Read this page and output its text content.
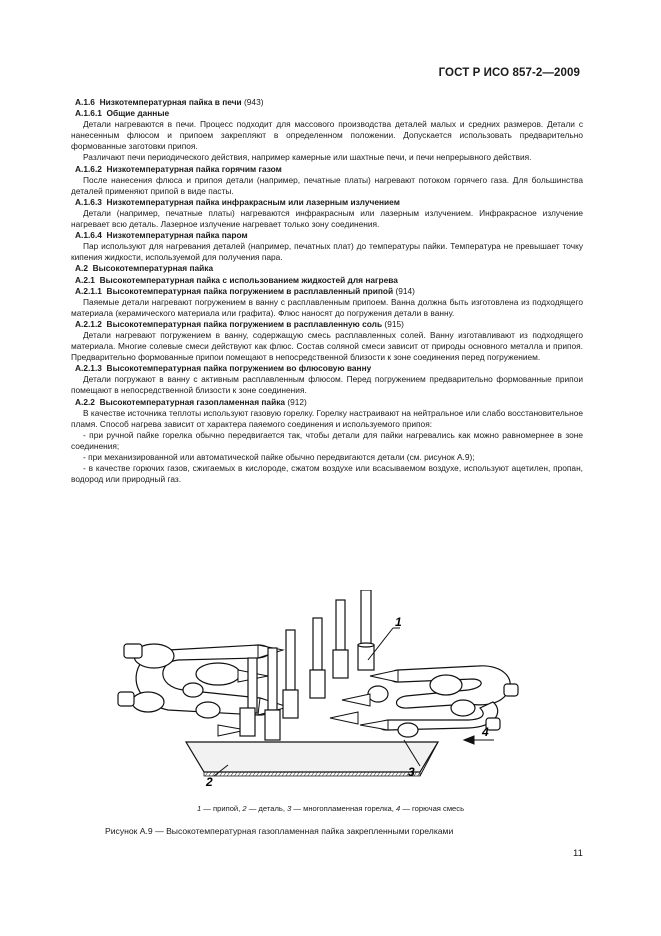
ГОСТ Р ИСО 857-2—2009

А.1.6 Низкотемпературная пайка в печи (943)

А.1.6.1 Общие данные

Детали нагреваются в печи. Процесс подходит для массового производства деталей малых и средних размеров. Детали с нанесенным флюсом и припоем закрепляют в определенном положении. Допускается использовать предварительно формованные заготовки припоя.

Различают печи периодического действия, например камерные или шахтные печи, и печи непрерывного действия.

А.1.6.2 Низкотемпературная пайка горячим газом

После нанесения флюса и припоя детали (например, печатные платы) нагревают потоком горячего газа. Для большинства деталей применяют припой в виде пасты.

А.1.6.3 Низкотемпературная пайка инфракрасным или лазерным излучением

Детали (например, печатные платы) нагреваются инфракрасным или лазерным излучением. Инфракрасное излучение нагревает всю деталь. Лазерное излучение нагревает только зону соединения.

А.1.6.4 Низкотемпературная пайка паром

Пар используют для нагревания деталей (например, печатных плат) до температуры пайки. Температура не превышает точку кипения жидкости, используемой для получения пара.

А.2 Высокотемпературная пайка

А.2.1 Высокотемпературная пайка с использованием жидкостей для нагрева

А.2.1.1 Высокотемпературная пайка погружением в расплавленный припой (914)

Паяемые детали нагревают погружением в ванну с расплавленным припоем. Ванна должна быть изготовлена из подходящего материала (керамического материала или графита). Флюс наносят до погружения детали в ванну.

А.2.1.2 Высокотемпературная пайка погружением в расплавленную соль (915)

Детали нагревают погружением в ванну, содержащую смесь расплавленных солей. Ванну изготавливают из подходящего материала. Многие солевые смеси действуют как флюс. Состав соляной смеси зависит от природы основного металла и припоя. Предварительно формованные припои помещают в непосредственной близости к зоне соединения перед погружением.

А.2.1.3 Высокотемпературная пайка погружением во флюсовую ванну

Детали погружают в ванну с активным расплавленным флюсом. Перед погружением предварительно формованные припои помещают в непосредственной близости к зоне соединения.

А.2.2 Высокотемпературная газопламенная пайка (912)

В качестве источника теплоты используют газовую горелку. Горелку настраивают на нейтральное или слабо восстановительное пламя. Способ нагрева зависит от характера паяемого соединения и используемого припоя:

- при ручной пайке горелка обычно передвигается так, чтобы детали для пайки нагревались как можно равномернее в зоне соединения;

- при механизированной или автоматической пайке обычно передвигаются детали (см. рисунок А.9);

- в качестве горючих газов, сжигаемых в кислороде, сжатом воздухе или всасываемом воздухе, используют ацетилен, пропан, водород или природный газ.

1
2
3
4
1 — припой, 2 — деталь, 3 — многопламенная горелка, 4 — горючая смесь
Рисунок А.9 — Высокотемпературная газопламенная пайка закрепленными горелками
11
